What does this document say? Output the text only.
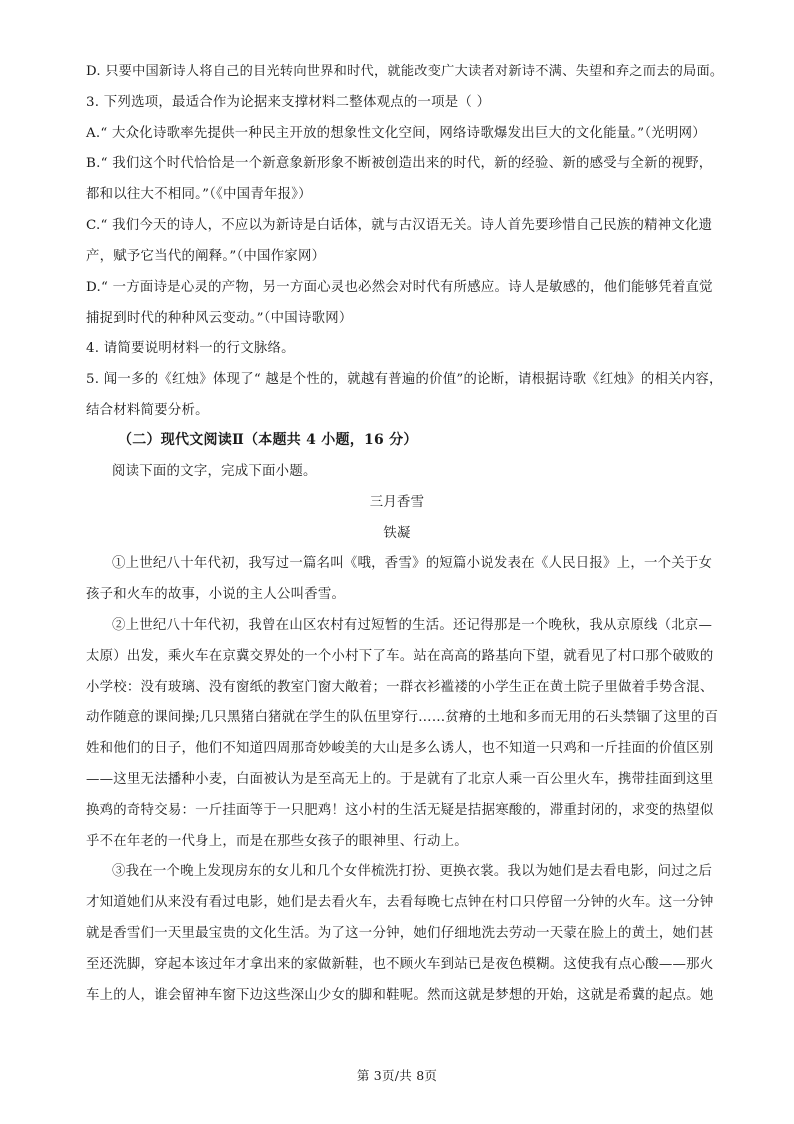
D. 只要中国新诗人将自己的目光转向世界和时代，就能改变广大读者对新诗不满、失望和弃之而去的局面。
3. 下列选项，最适合作为论据来支撑材料二整体观点的一项是（ ）
A.“ 大众化诗歌率先提供一种民主开放的想象性文化空间，网络诗歌爆发出巨大的文化能量。”（光明网）
B.“ 我们这个时代恰恰是一个新意象新形象不断被创造出来的时代，新的经验、新的感受与全新的视野，
都和以往大不相同。”（《中国青年报》）
C.“ 我们今天的诗人，不应以为新诗是白话体，就与古汉语无关。诗人首先要珍惜自己民族的精神文化遗
产，赋予它当代的阐释。”（中国作家网）
D.“ 一方面诗是心灵的产物，另一方面心灵也必然会对时代有所感应。诗人是敏感的，他们能够凭着直觉
捕捉到时代的种种风云变动。”（中国诗歌网）
4. 请简要说明材料一的行文脉络。
5. 闻一多的《红烛》体现了“ 越是个性的，就越有普遍的价值”的论断，请根据诗歌《红烛》的相关内容，
结合材料简要分析。
（二）现代文阅读Ⅱ（本题共 4 小题，16 分）
阅读下面的文字，完成下面小题。
三月香雪
铁凝
①上世纪八十年代初，我写过一篇名叫《哦，香雪》的短篇小说发表在《人民日报》上，一个关于女
孩子和火车的故事，小说的主人公叫香雪。
②上世纪八十年代初，我曾在山区农村有过短暂的生活。还记得那是一个晚秋，我从京原线（北京—
太原）出发，乘火车在京冀交界处的一个小村下了车。站在高高的路基向下望，就看见了村口那个破败的
小学校：没有玻璃、没有窗纸的教室门窗大敞着；一群衣衫褴褛的小学生正在黄土院子里做着手势含混、
动作随意的课间操;几只黑猪白猪就在学生的队伍里穿行……贫瘠的土地和多而无用的石头禁锢了这里的百
姓和他们的日子，他们不知道四周那奇妙峻美的大山是多么诱人，也不知道一只鸡和一斤挂面的价值区别
——这里无法播种小麦，白面被认为是至高无上的。于是就有了北京人乘一百公里火车，携带挂面到这里
换鸡的奇特交易：一斤挂面等于一只肥鸡！这小村的生活无疑是拮据寒酸的，滞重封闭的，求变的热望似
乎不在年老的一代身上，而是在那些女孩子的眼神里、行动上。
③我在一个晚上发现房东的女儿和几个女伴梳洗打扮、更换衣裳。我以为她们是去看电影，问过之后
才知道她们从来没有看过电影，她们是去看火车，去看每晚七点钟在村口只停留一分钟的火车。这一分钟
就是香雪们一天里最宝贵的文化生活。为了这一分钟，她们仔细地洗去劳动一天蒙在脸上的黄土，她们甚
至还洗脚，穿起本该过年才拿出来的家做新鞋，也不顾火车到站已是夜色模糊。这使我有点心酸——那火
车上的人，谁会留神车窗下边这些深山少女的脚和鞋呢。然而这就是梦想的开始，这就是希冀的起点。她
第 3页/共 8页
